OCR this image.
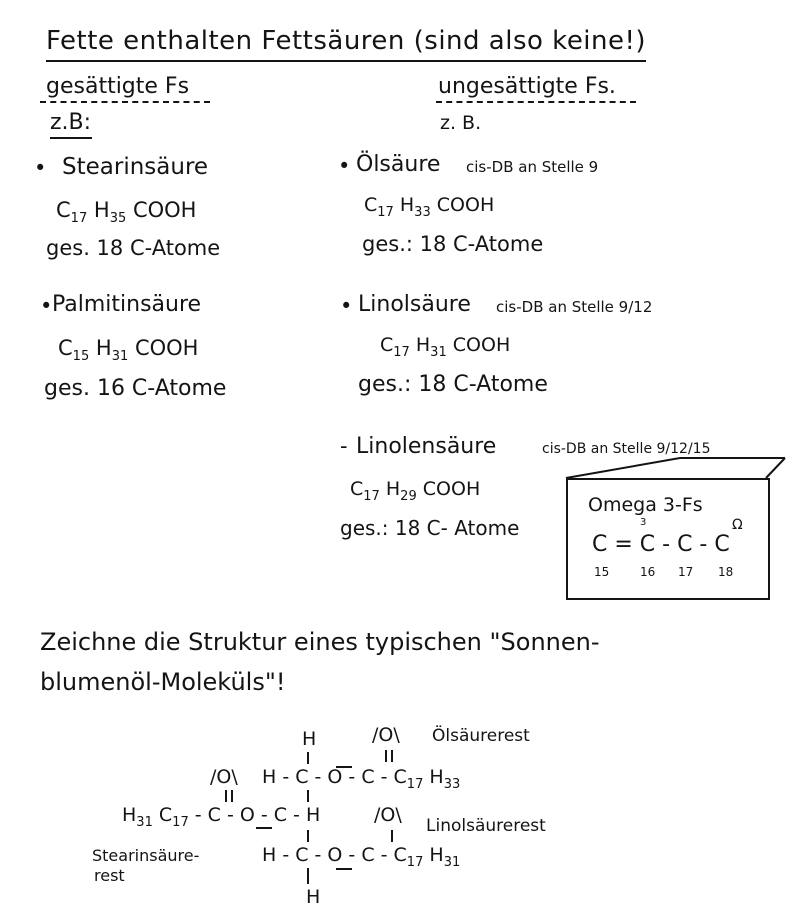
Fette enthalten Fettsäuren (sind also keine!)
gesättigte Fs
z.B:
• Stearinsäure
$C_{17}$ $H_{35}$ COOH
ges. 18 C-Atome
• Palmitinsäure
$C_{15}$ $H_{31}$ COOH
ges. 16 C-Atome
ungesättigte Fs.
z. B.
• Ölsäure cis-DB an Stelle 9
$C_{17}$ $H_{33}$ COOH
ges.: 18 C-Atome
• Linolsäure cis-DB an Stelle 9/12
$C_{17}$ $H_{31}$ COOH
ges.: 18 C-Atome
- Linolensäure	cis-DB an Stelle 9/12/15
$C_{17}$ $H_{29}$ COOH
ges.: 18 C- Atome
Omega 3-Fs
3	Ω
C = C - C - C
15	16 17 18
Zeichne die Struktur eines typischen "Sonnen-
blumenöl-Moleküls"!
H	/O\ Ölsäurerest
/O\ H - C - O - C - $C_{17}$ $H_{33}$
$H_{31}$ $C_{17}$ - C - O - C - H	/O\ Linolsäurerest
Stearinsäure-
rest
H - C - O - C - $C_{17}$ $H_{31}$
H
